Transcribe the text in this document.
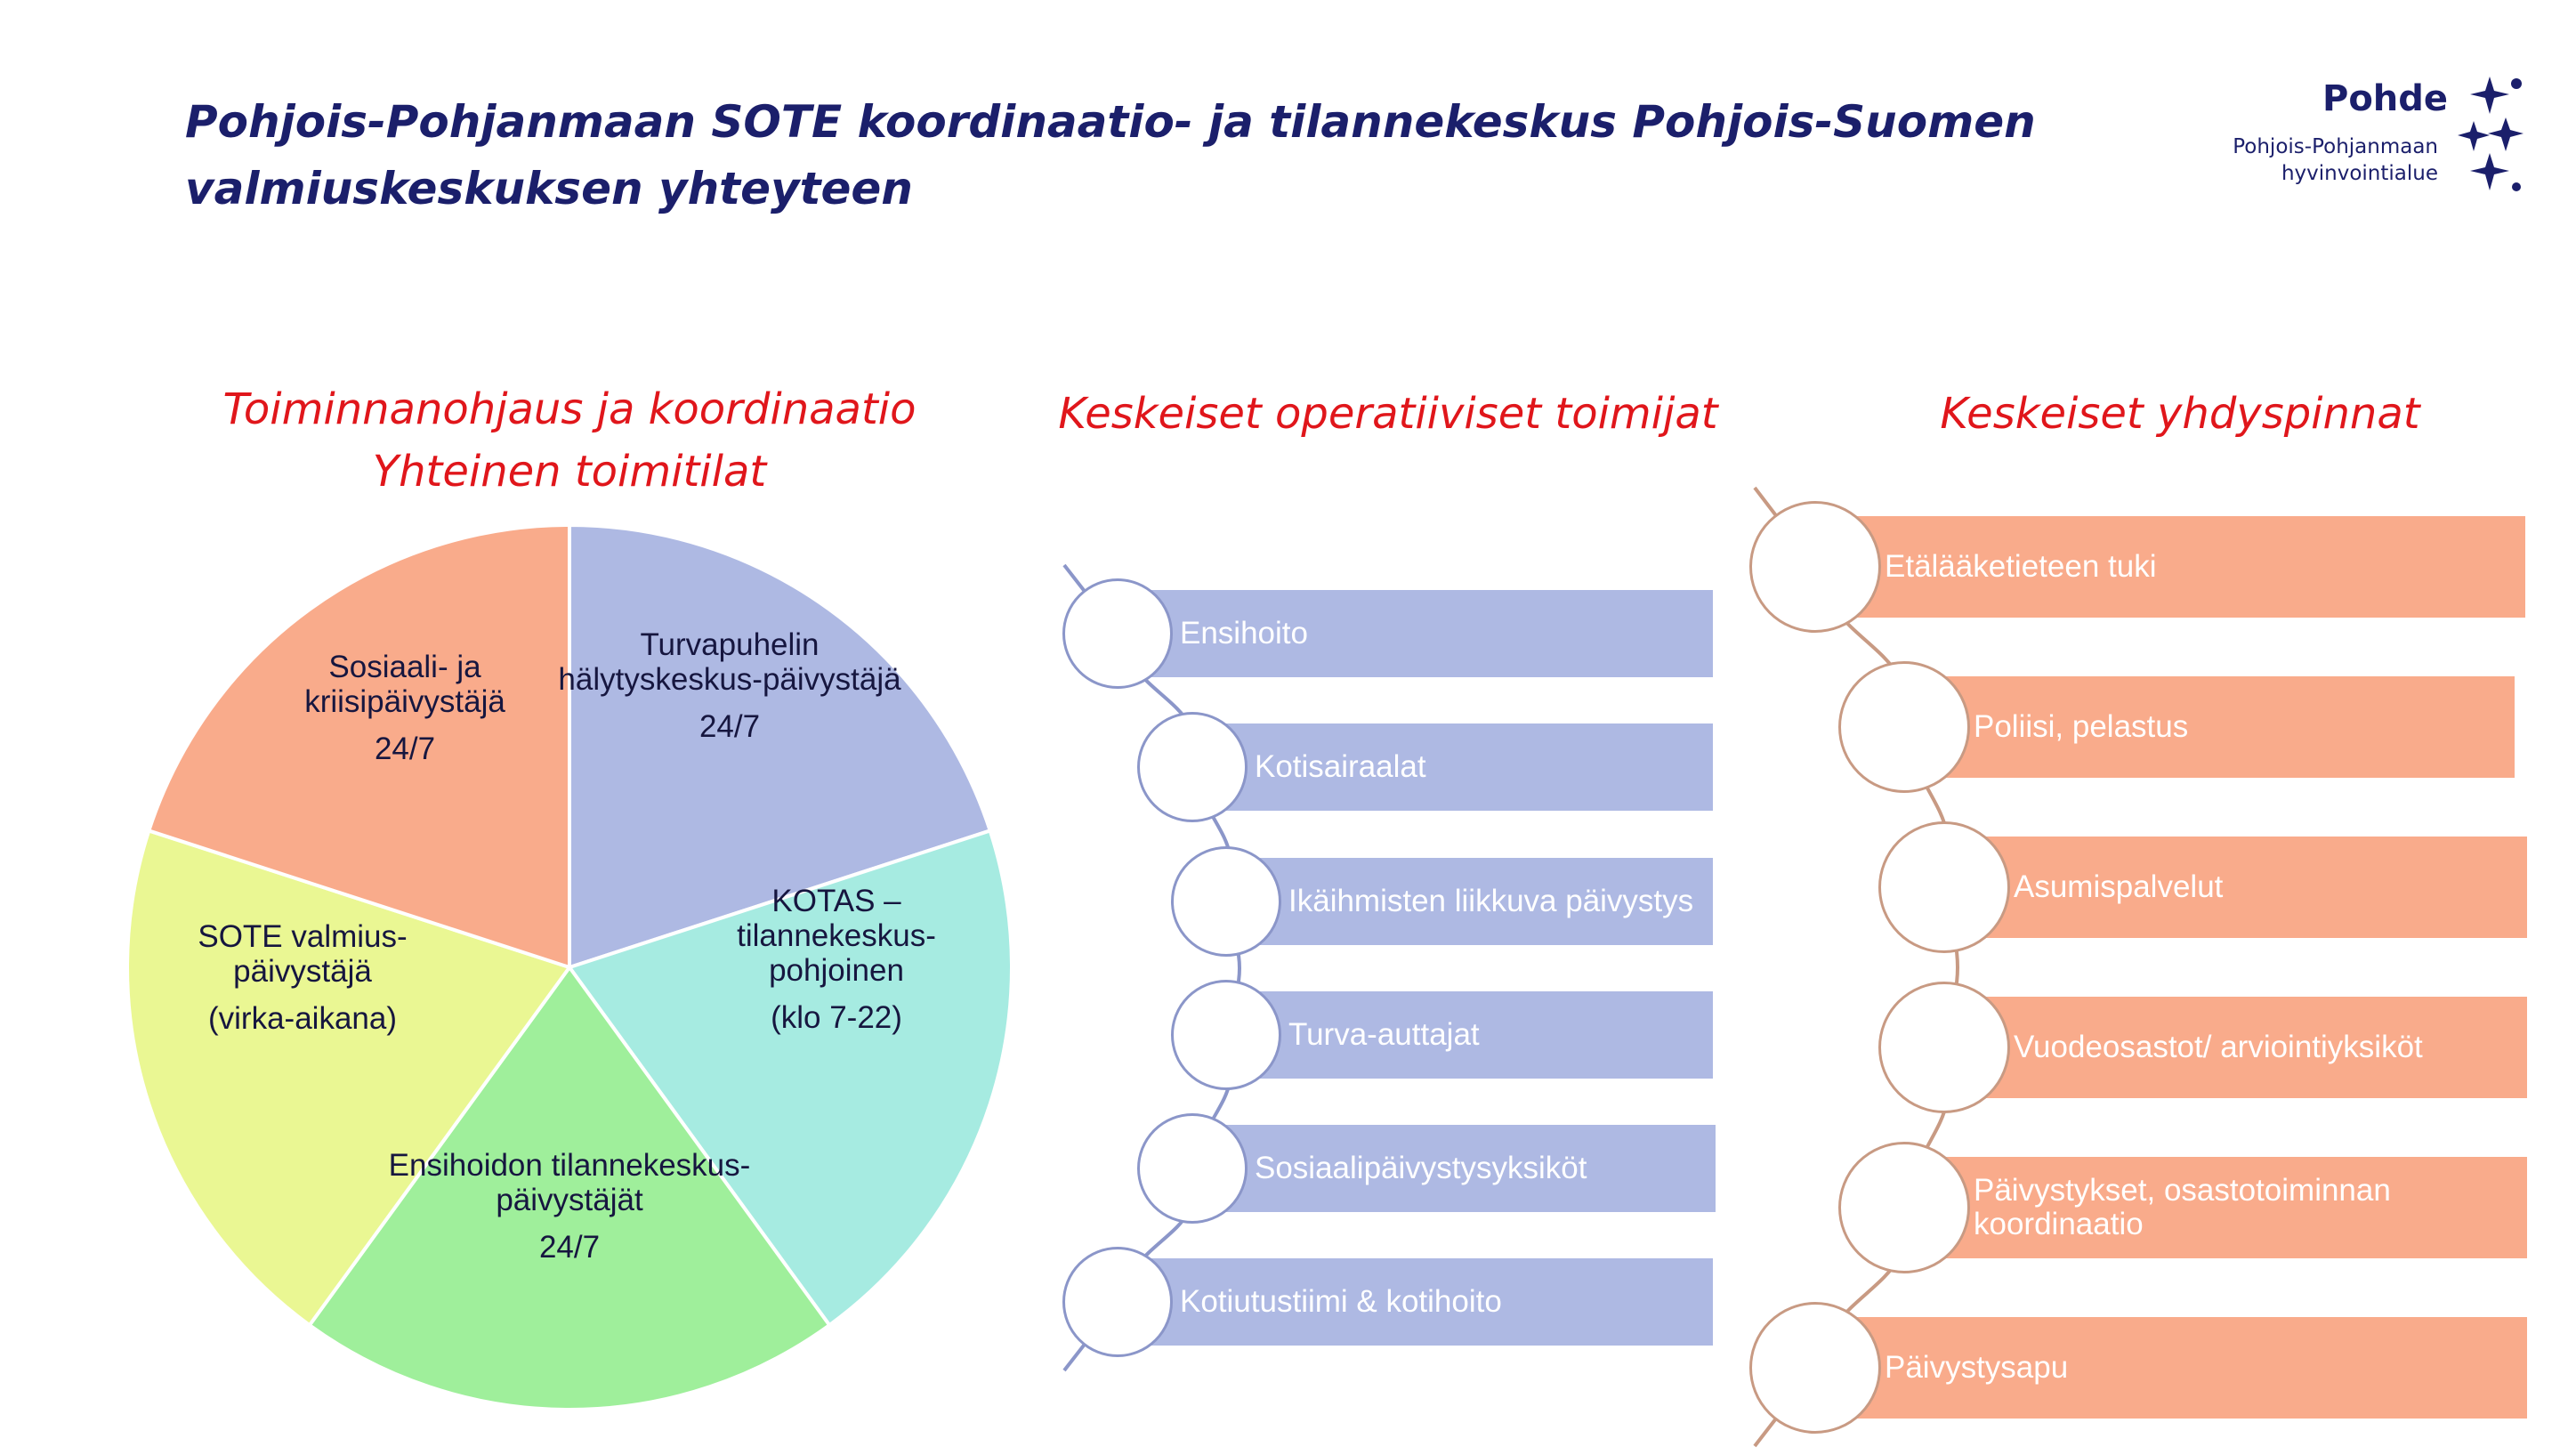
Pohjois-Pohjanmaan SOTE koordinaatio- ja tilannekeskus Pohjois-Suomen valmiuskeskuksen yhteyteen
Pohde
Pohjois-Pohjanmaan
hyvinvointialue
Toiminnanohjaus ja koordinaatio
Yhteinen toimitilat
Keskeiset operatiiviset toimijat	Keskeiset yhdyspinnat
Turvapuhelin hälytyskeskus-päivystäjä
24/7
KOTAS – tilannekeskus-pohjoinen
(klo 7-22)
Ensihoidon tilannekeskus-päivystäjät
24/7
SOTE valmius-päivystäjä
(virka-aikana)
Sosiaali- ja kriisipäivystäjä
24/7
Ensihoito
Kotisairaalat
Ikäihmisten liikkuva päivystys
Turva-auttajat
Sosiaalipäivystysyksiköt
Kotiutustiimi & kotihoito
Etälääketieteen tuki
Poliisi, pelastus
Asumispalvelut
Vuodeosastot/ arviointiyksiköt
Päivystykset, osastotoiminnan koordinaatio
Päivystysapu
